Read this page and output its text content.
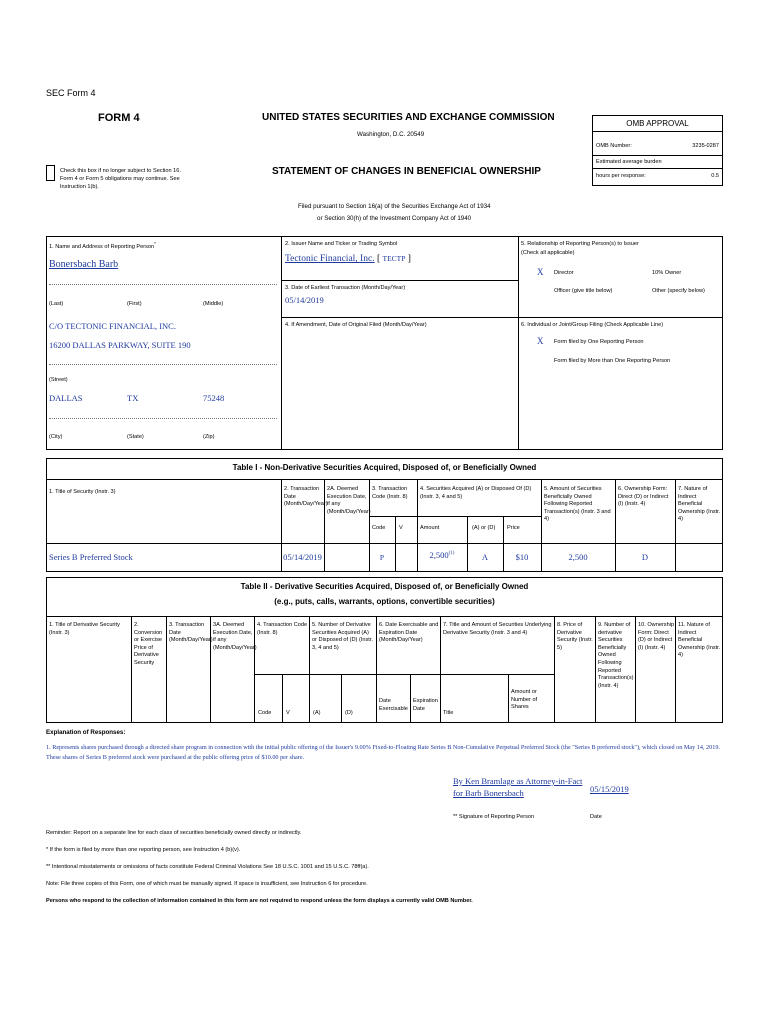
SEC Form 4
FORM 4	UNITED STATES SECURITIES AND EXCHANGE COMMISSION
Washington, D.C. 20549
STATEMENT OF CHANGES IN BENEFICIAL OWNERSHIP
Check this box if no longer subject to Section 16. Form 4 or Form 5 obligations may continue. See Instruction 1(b).
Filed pursuant to Section 16(a) of the Securities Exchange Act of 1934
or Section 30(h) of the Investment Company Act of 1940
OMB APPROVAL
OMB Number:	3235-0287
Estimated average burden
hours per response:	0.5
1. Name and Address of Reporting Person*
Bonersbach Barb
(Last)	(First)	(Middle)
C/O TECTONIC FINANCIAL, INC.
16200 DALLAS PARKWAY, SUITE 190
(Street)
DALLAS	TX	75248
(City)	(State)	(Zip)
2. Issuer Name and Ticker or Trading Symbol
Tectonic Financial, Inc. [ TECTP ]
3. Date of Earliest Transaction (Month/Day/Year)
05/14/2019
4. If Amendment, Date of Original Filed (Month/Day/Year)
5. Relationship of Reporting Person(s) to Issuer
(Check all applicable)
X Director	10% Owner
Officer (give title below)	Other (specify below)
6. Individual or Joint/Group Filing (Check Applicable Line)
X Form filed by One Reporting Person
Form filed by More than One Reporting Person
Table I - Non-Derivative Securities Acquired, Disposed of, or Beneficially Owned
1. Title of Security (Instr. 3)	2. Transaction Date (Month/Day/Year)
2A. Deemed Execution Date, if any (Month/Day/Year)
3. Transaction Code (Instr. 8)
4. Securities Acquired (A) or Disposed Of (D) (Instr. 3, 4 and 5)
5. Amount of Securities Beneficially Owned Following Reported Transaction(s) (Instr. 3 and 4)
6. Ownership Form: Direct (D) or Indirect (I) (Instr. 4)
7. Nature of Indirect Beneficial Ownership (Instr. 4)
Code V	Amount	(A) or (D) Price
Series B Preferred Stock	05/14/2019	P	2,500$^{(1)}$	A	$10	2,500	D
Table II - Derivative Securities Acquired, Disposed of, or Beneficially Owned
(e.g., puts, calls, warrants, options, convertible securities)
1. Title of Derivative Security (Instr. 3)
2. Conversion or Exercise Price of Derivative Security
3. Transaction Date (Month/Day/Year)
3A. Deemed Execution Date, if any (Month/Day/Year)
4. Transaction Code (Instr. 8)
5. Number of Derivative Securities Acquired (A) or Disposed of (D) (Instr. 3, 4 and 5)
6. Date Exercisable and Expiration Date (Month/Day/Year)
7. Title and Amount of Securities Underlying Derivative Security (Instr. 3 and 4)
8. Price of Derivative Security (Instr. 5)
9. Number of derivative Securities Beneficially Owned Following Reported Transaction(s) (Instr. 4)
10. Ownership Form: Direct (D) or Indirect (I) (Instr. 4)
11. Nature of Indirect Beneficial Ownership (Instr. 4)
Code	V	(A)	(D)
Date Exercisable
Expiration Date
Title
Amount or Number of Shares
Explanation of Responses:
1. Represents shares purchased through a directed share program in connection with the initial public offering of the Issuer's 9.00% Fixed-to-Floating Rate Series B Non-Cumulative Perpetual Preferred Stock (the "Series B preferred stock"), which closed on May 14, 2019. These shares of Series B preferred stock were purchased at the public offering price of $10.00 per share.
By Ken Bramlage as Attorney-in-Fact for Barb Bonersbach	05/15/2019
** Signature of Reporting Person	Date
Reminder: Report on a separate line for each class of securities beneficially owned directly or indirectly.
* If the form is filed by more than one reporting person, see Instruction 4 (b)(v).
** Intentional misstatements or omissions of facts constitute Federal Criminal Violations See 18 U.S.C. 1001 and 15 U.S.C. 78ff(a).
Note: File three copies of this Form, one of which must be manually signed. If space is insufficient, see Instruction 6 for procedure.
Persons who respond to the collection of information contained in this form are not required to respond unless the form displays a currently valid OMB Number.
